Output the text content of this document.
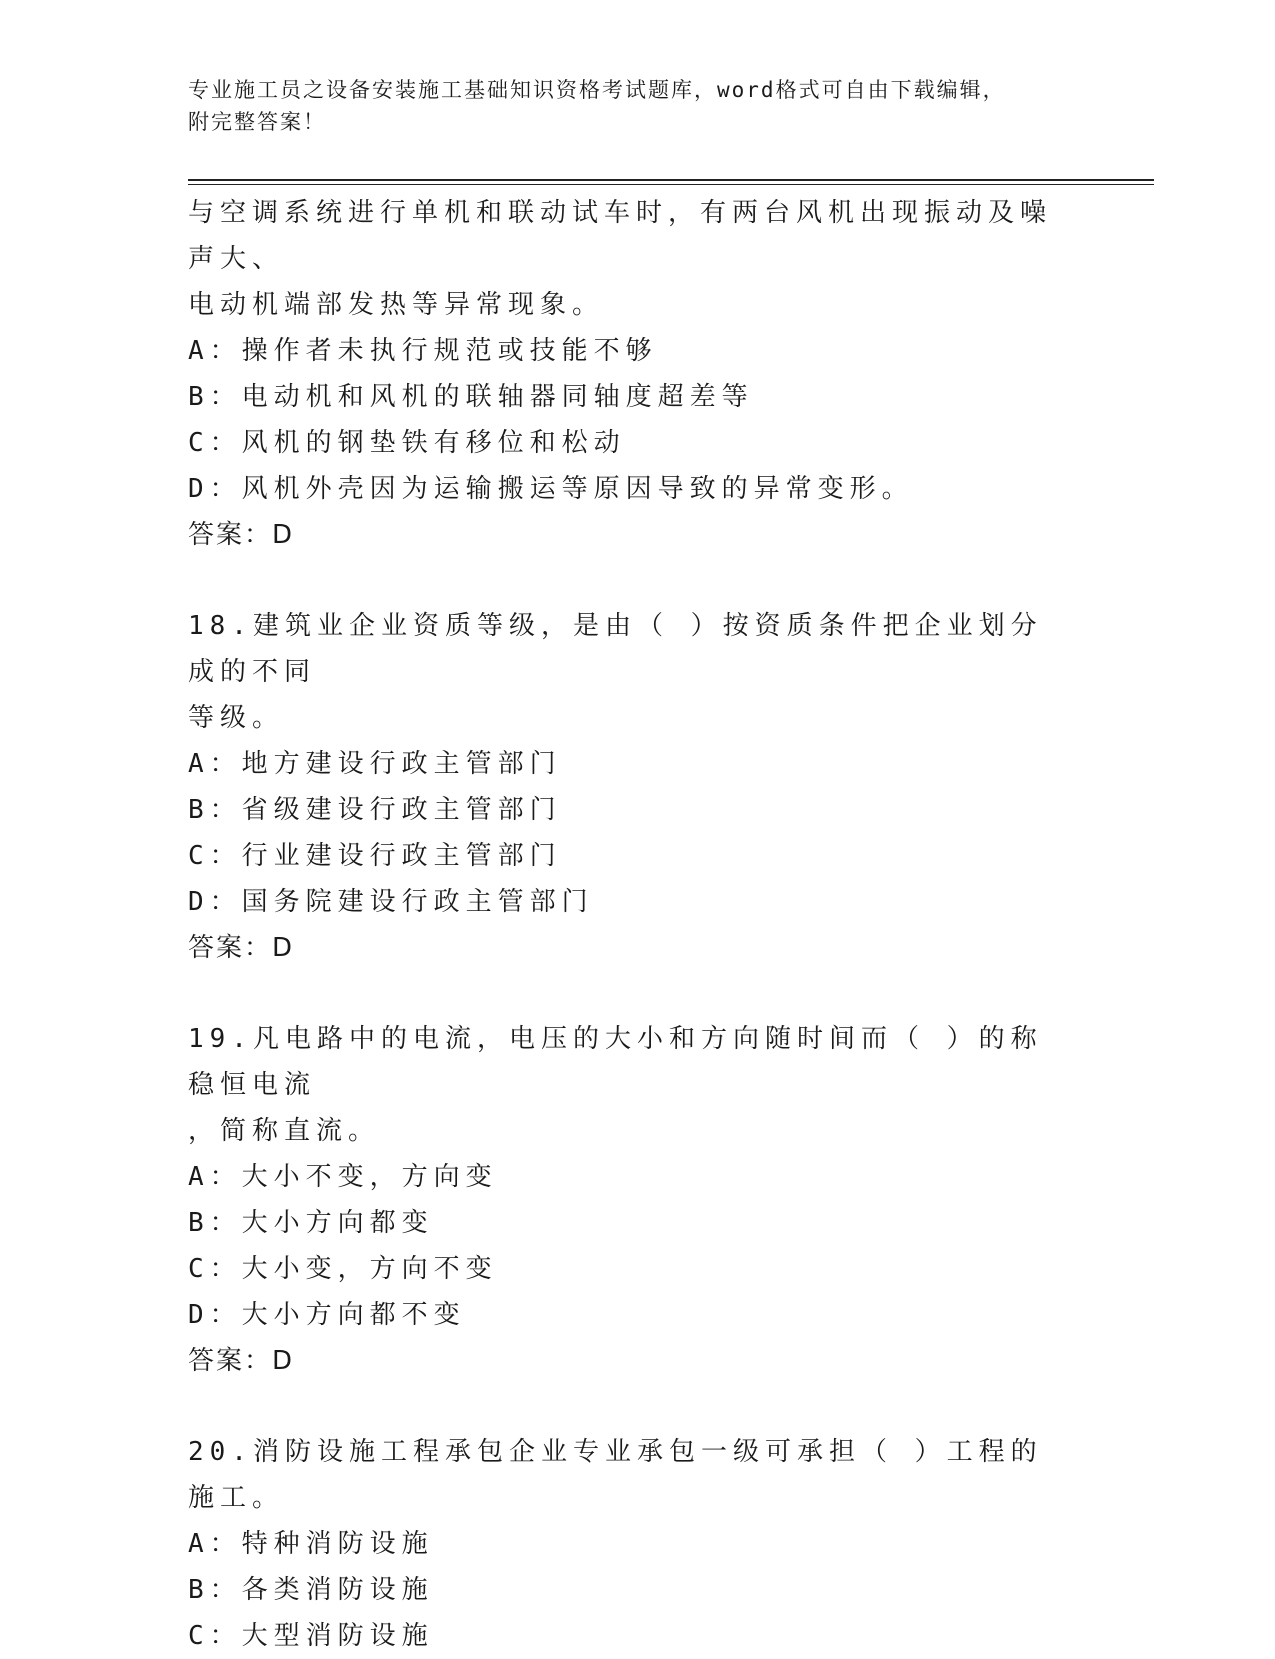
专业施工员之设备安装施工基础知识资格考试题库，word格式可自由下载编辑，
附完整答案！

与空调系统进行单机和联动试车时，有两台风机出现振动及噪声大、

电动机端部发热等异常现象。

A：操作者未执行规范或技能不够

B：电动机和风机的联轴器同轴度超差等

C：风机的钢垫铁有移位和松动

D：风机外壳因为运输搬运等原因导致的异常变形。

答案：D

18.建筑业企业资质等级，是由（ ）按资质条件把企业划分成的不同

等级。

A：地方建设行政主管部门

B：省级建设行政主管部门

C：行业建设行政主管部门

D：国务院建设行政主管部门

答案：D

19.凡电路中的电流，电压的大小和方向随时间而（ ）的称稳恒电流

，简称直流。

A：大小不变，方向变

B：大小方向都变

C：大小变，方向不变

D：大小方向都不变

答案：D

20.消防设施工程承包企业专业承包一级可承担（ ）工程的施工。

A：特种消防设施

B：各类消防设施

C：大型消防设施
